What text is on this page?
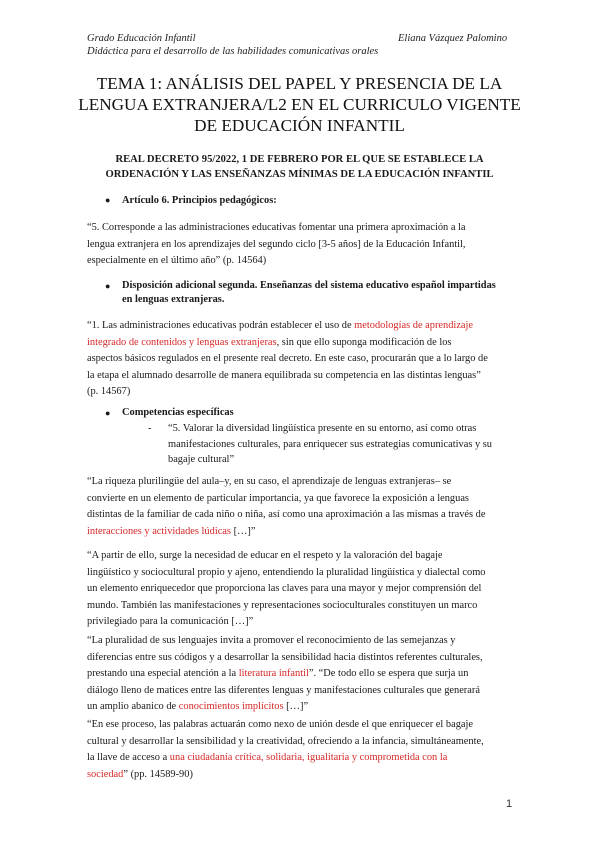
Grado Educación Infantil	Eliana Vázquez Palomino
Didáctica para el desarrollo de las habilidades comunicativas orales
TEMA 1: ANÁLISIS DEL PAPEL Y PRESENCIA DE LA
LENGUA EXTRANJERA/L2 EN EL CURRICULO VIGENTE
DE EDUCACIÓN INFANTIL
REAL DECRETO 95/2022, 1 DE FEBRERO POR EL QUE SE ESTABLECE LA
ORDENACIÓN Y LAS ENSEÑANZAS MÍNIMAS DE LA EDUCACIÓN INFANTIL
● Artículo 6. Principios pedagógicos:
“5. Corresponde a las administraciones educativas fomentar una primera aproximación a la
lengua extranjera en los aprendizajes del segundo ciclo [3-5 años] de la Educación Infantil,
especialmente en el último año” (p. 14564)
● Disposición adicional segunda. Enseñanzas del sistema educativo español impartidas
en lenguas extranjeras.
“1. Las administraciones educativas podrán establecer el uso de metodologías de aprendizaje
integrado de contenidos y lenguas extranjeras, sin que ello suponga modificación de los
aspectos básicos regulados en el presente real decreto. En este caso, procurarán que a lo largo de
la etapa el alumnado desarrolle de manera equilibrada su competencia en las distintas lenguas”
(p. 14567)
● Competencias específicas
- “5. Valorar la diversidad lingüística presente en su entorno, así como otras
manifestaciones culturales, para enriquecer sus estrategias comunicativas y su
bagaje cultural”
“La riqueza plurilingüe del aula–y, en su caso, el aprendizaje de lenguas extranjeras– se
convierte en un elemento de particular importancia, ya que favorece la exposición a lenguas
distintas de la familiar de cada niño o niña, así como una aproximación a las mismas a través de
interacciones y actividades lúdicas […]”
“A partir de ello, surge la necesidad de educar en el respeto y la valoración del bagaje
lingüístico y sociocultural propio y ajeno, entendiendo la pluralidad lingüística y dialectal como
un elemento enriquecedor que proporciona las claves para una mayor y mejor comprensión del
mundo. También las manifestaciones y representaciones socioculturales constituyen un marco
privilegiado para la comunicación […]”
“La pluralidad de sus lenguajes invita a promover el reconocimiento de las semejanzas y
diferencias entre sus códigos y a desarrollar la sensibilidad hacia distintos referentes culturales,
prestando una especial atención a la literatura infantil”. “De todo ello se espera que surja un
diálogo lleno de matices entre las diferentes lenguas y manifestaciones culturales que generará
un amplio abanico de conocimientos implícitos […]”
“En ese proceso, las palabras actuarán como nexo de unión desde el que enriquecer el bagaje
cultural y desarrollar la sensibilidad y la creatividad, ofreciendo a la infancia, simultáneamente,
la llave de acceso a una ciudadanía crítica, solidaria, igualitaria y comprometida con la
sociedad” (pp. 14589-90)
1
